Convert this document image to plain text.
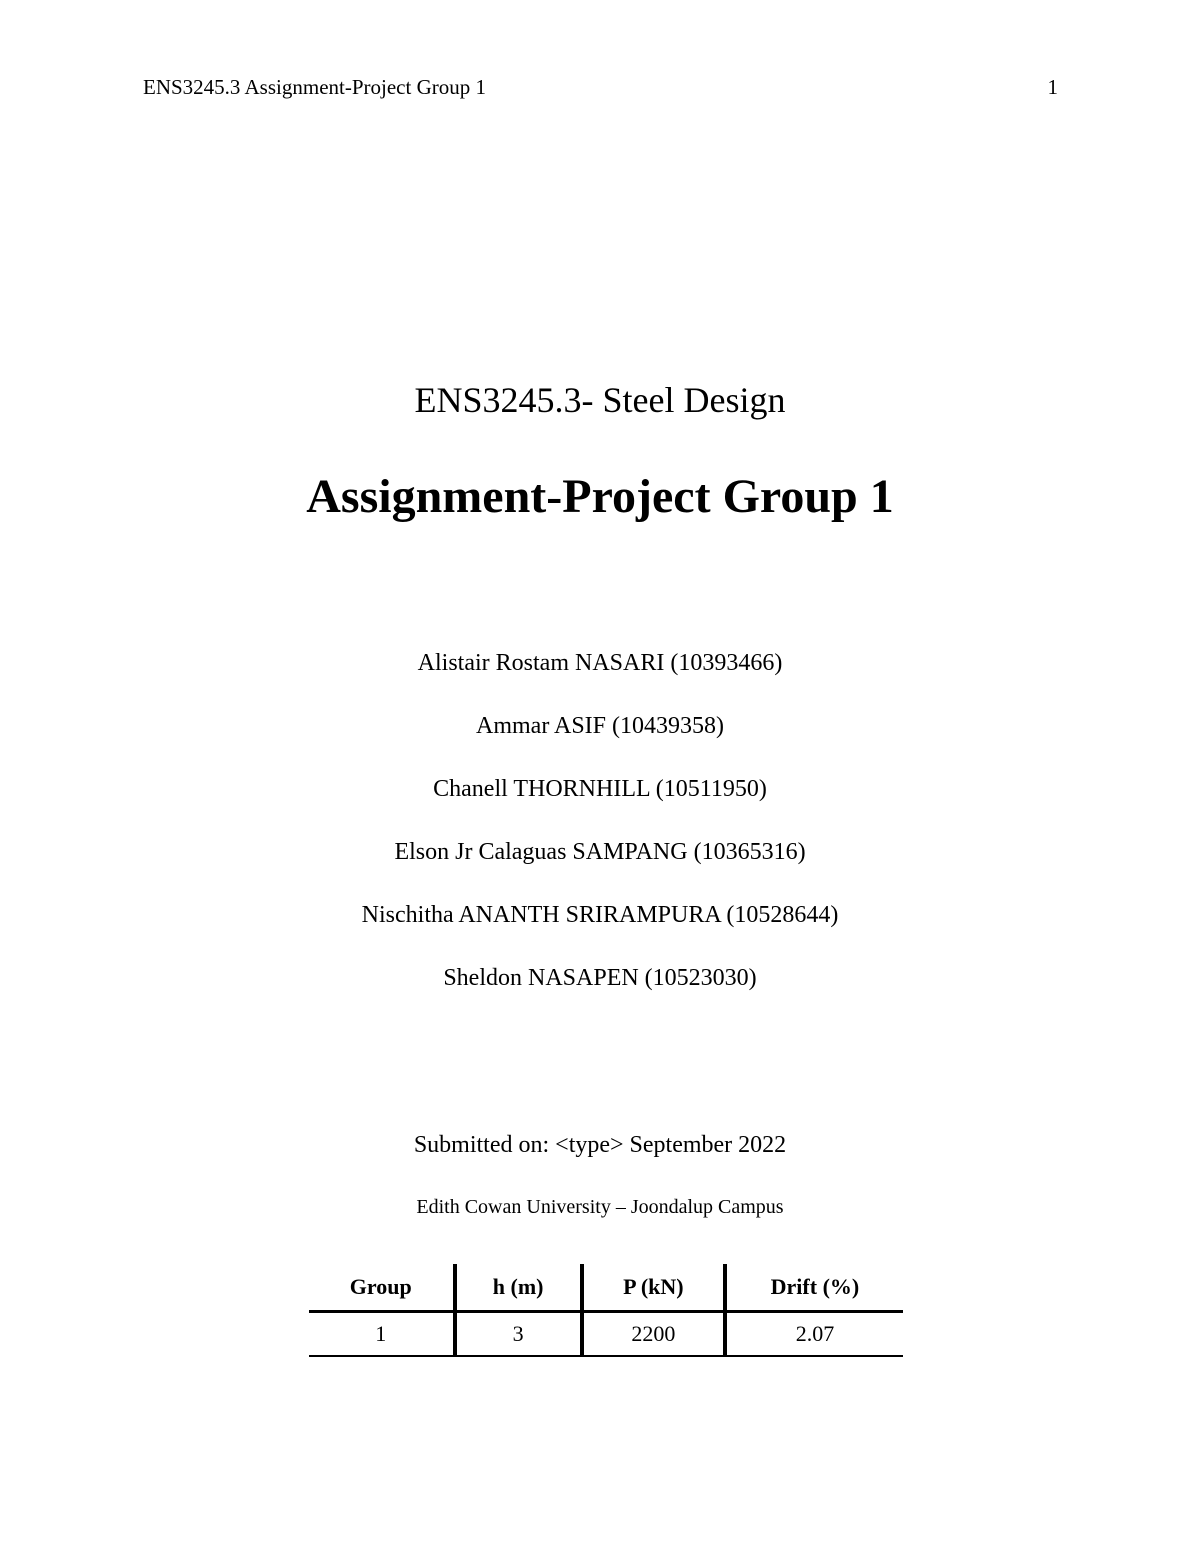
ENS3245.3 Assignment-Project Group 1	1
ENS3245.3- Steel Design
Assignment-Project Group 1
Alistair Rostam NASARI (10393466)
Ammar ASIF (10439358)
Chanell THORNHILL (10511950)
Elson Jr Calaguas SAMPANG (10365316)
Nischitha ANANTH SRIRAMPURA (10528644)
Sheldon NASAPEN (10523030)
Submitted on: <type> September 2022
Edith Cowan University – Joondalup Campus
Group	h (m)	P (kN)	Drift (%)
1	3	2200	2.07
